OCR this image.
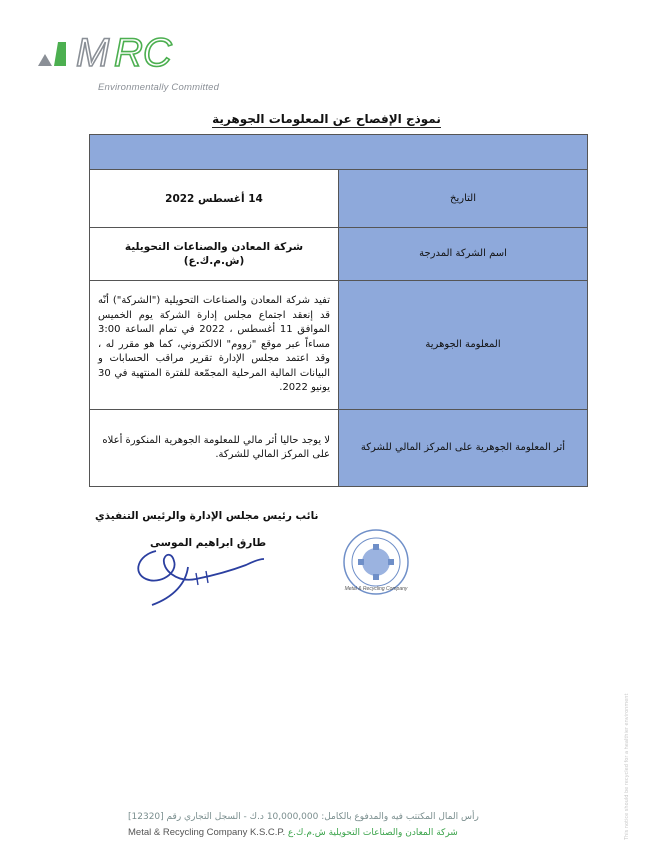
M RC
Environmentally Committed
نموذج الإفصاح عن المعلومات الجوهرية

التاريخ	14 أغسطس 2022
اسم الشركة المدرجة	شركة المعادن والصناعات التحويلية (ش.م.ك.ع)
المعلومة الجوهرية	تفيد شركة المعادن والصناعات التحويلية ("الشركة") أنّه قد إنعقد اجتماع مجلس إدارة الشركة يوم الخميس الموافق 11 أغسطس ، 2022 في تمام الساعة 3:00 مساءاً عبر موقع "زووم" الالكتروني، كما هو مقرر له ، وقد اعتمد مجلس الإدارة تقرير مراقب الحسابات و البيانات المالية المرحلية المجمّعة للفترة المنتهية في 30 يونيو 2022.
أثر المعلومة الجوهرية على المركز المالي للشركة	لا يوجد حاليا أثر مالي للمعلومة الجوهرية المنكورة أعلاه على المركز المالي للشركة.
نائب رئيس مجلس الإدارة والرئيس التنفيذي
طارق ابراهيم الموسى
Metal & Recycling Company
رأس المال المكتتب فيه والمدفوع بالكامل: 10,000,000 د.ك - السجل التجاري رقم [12320]
Metal & Recycling Company K.S.C.P. شركة المعادن والصناعات التحويلية ش.م.ك.ع	This notice should be recycled for a healthier environment
